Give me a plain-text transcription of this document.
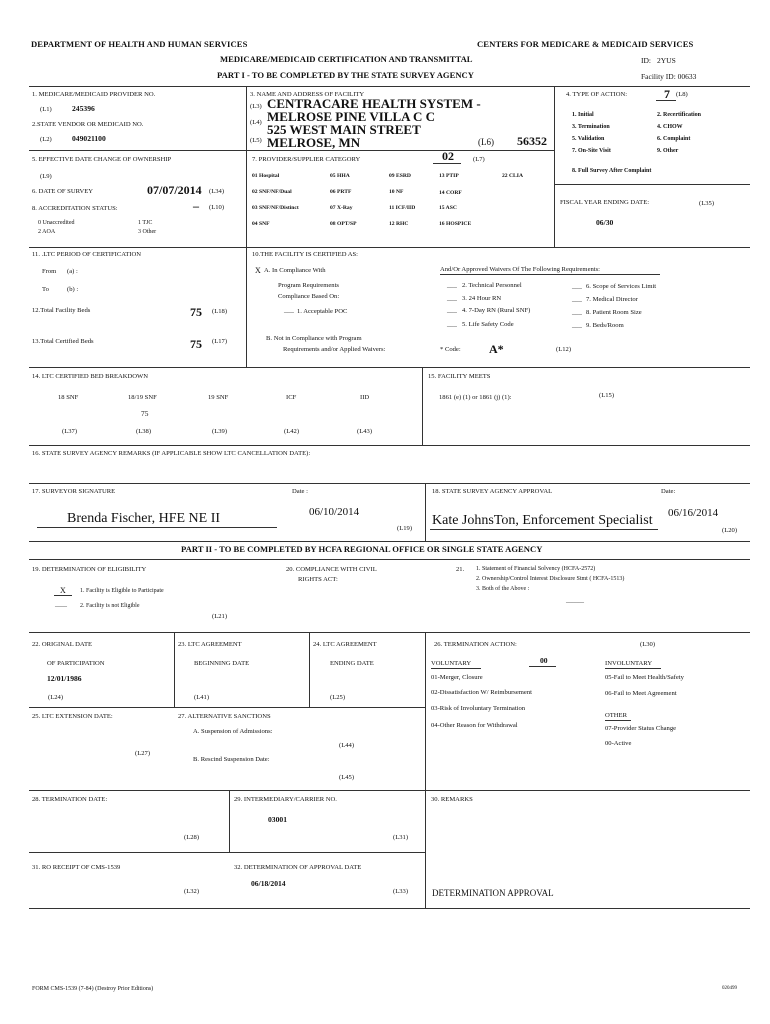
DEPARTMENT OF HEALTH AND HUMAN SERVICES	CENTERS FOR MEDICARE & MEDICAID SERVICES
MEDICARE/MEDICAID CERTIFICATION AND TRANSMITTAL	ID: 2YUS
PART I - TO BE COMPLETED BY THE STATE SURVEY AGENCY	Facility ID: 00633
1. MEDICARE/MEDICAID PROVIDER NO.
(L1)	245396
2.STATE VENDOR OR MEDICAID NO.
(L2)	049021100
3. NAME AND ADDRESS OF FACILITY
(L3) CENTRACARE HEALTH SYSTEM -
(L4) MELROSE PINE VILLA C C
(L5)
525 WEST MAIN STREET
MELROSE, MN	(L6) 56352
4. TYPE OF ACTION:	7 (L8)
1. Initial
3. Termination
5. Validation
7. On-Site Visit
2. Recertification
4. CHOW
6. Complaint
9. Other
8. Full Survey After Complaint
5. EFFECTIVE DATE CHANGE OF OWNERSHIP
(L9)
6. DATE OF SURVEY	07/07/2014 (L34)
8. ACCREDITATION STATUS:	_ (L10)
0 Unaccredited	1 TJC
2 AOA	3 Other
7. PROVIDER/SUPPLIER CATEGORY	02	(L7)
01 Hospital	05 HHA	09 ESRD	13 PTIP	22 CLIA
02 SNF/NF/Dual	06 PRTF	10 NF	14 CORF
03 SNF/NF/Distinct	07 X-Ray	11 ICF/IID	15 ASC
04 SNF	08 OPT/SP	12 RHC	16 HOSPICE
FISCAL YEAR ENDING DATE:	(L35)
06/30
11. .LTC PERIOD OF CERTIFICATION
From (a) :
To	(b) :
12.Total Facility Beds	75 (L18)
13.Total Certified Beds	75 (L17)
10.THE FACILITY IS CERTIFIED AS:
X A. In Compliance With
Program Requirements
Compliance Based On:
___ 1. Acceptable POC
B. Not in Compliance with Program
Requirements and/or Applied Waivers:
And/Or Approved Waivers Of The Following Requirements:
___ 2. Technical Personnel
___ 3. 24 Hour RN
___ 4. 7-Day RN (Rural SNF)
___ 5. Life Safety Code
___ 6. Scope of Services Limit
___ 7. Medical Director
___ 8. Patient Room Size
___ 9. Beds/Room
* Code: A*	(L12)
14. LTC CERTIFIED BED BREAKDOWN
18 SNF	18/19 SNF	19 SNF	ICF	IID
75
(L37)	(L38)	(L39)	(L42)	(L43)
15. FACILITY MEETS
1861 (e) (1) or 1861 (j) (1):	(L15)
16. STATE SURVEY AGENCY REMARKS (IF APPLICABLE SHOW LTC CANCELLATION DATE):
17. SURVEYOR SIGNATURE	Date :
Brenda Fischer, HFE NE II	06/10/2014
(L19)
18. STATE SURVEY AGENCY APPROVAL	Date:
Kate JohnsTon, Enforcement Specialist 06/16/2014
(L20)
PART II - TO BE COMPLETED BY HCFA REGIONAL OFFICE OR SINGLE STATE AGENCY
19. DETERMINATION OF ELIGIBILITY
X 1. Facility is Eligible to Participate
____ 2. Facility is not Eligible
(L21)
20. COMPLIANCE WITH CIVIL
RIGHTS ACT:
21. 1. Statement of Financial Solvency (HCFA-2572)
2. Ownership/Control Interest Disclosure Stmt ( HCFA-1513)
3. Both of the Above :
______
22. ORIGINAL DATE
OF PARTICIPATION
12/01/1986
(L24)
23. LTC AGREEMENT
BEGINNING DATE
(L41)
24. LTC AGREEMENT
ENDING DATE
(L25)
25. LTC EXTENSION DATE:
(L27)
27. ALTERNATIVE SANCTIONS
A. Suspension of Admissions:
(L44)
B. Rescind Suspension Date:
(L45)
26. TERMINATION ACTION:	(L30)
VOLUNTARY	00	INVOLUNTARY
01-Merger, Closure
02-Dissatisfaction W/ Reimbursement
03-Risk of Involuntary Termination
04-Other Reason for Withdrawal
05-Fail to Meet Health/Safety
06-Fail to Meet Agreement
OTHER
07-Provider Status Change
00-Active
28. TERMINATION DATE:
(L28)
29. INTERMEDIARY/CARRIER NO.
03001
(L31)
30. REMARKS
31. RO RECEIPT OF CMS-1539
(L32)
32. DETERMINATION OF APPROVAL DATE
06/18/2014
(L33)	DETERMINATION APPROVAL
FORM CMS-1539 (7-84) (Destroy Prior Editions)	020499
